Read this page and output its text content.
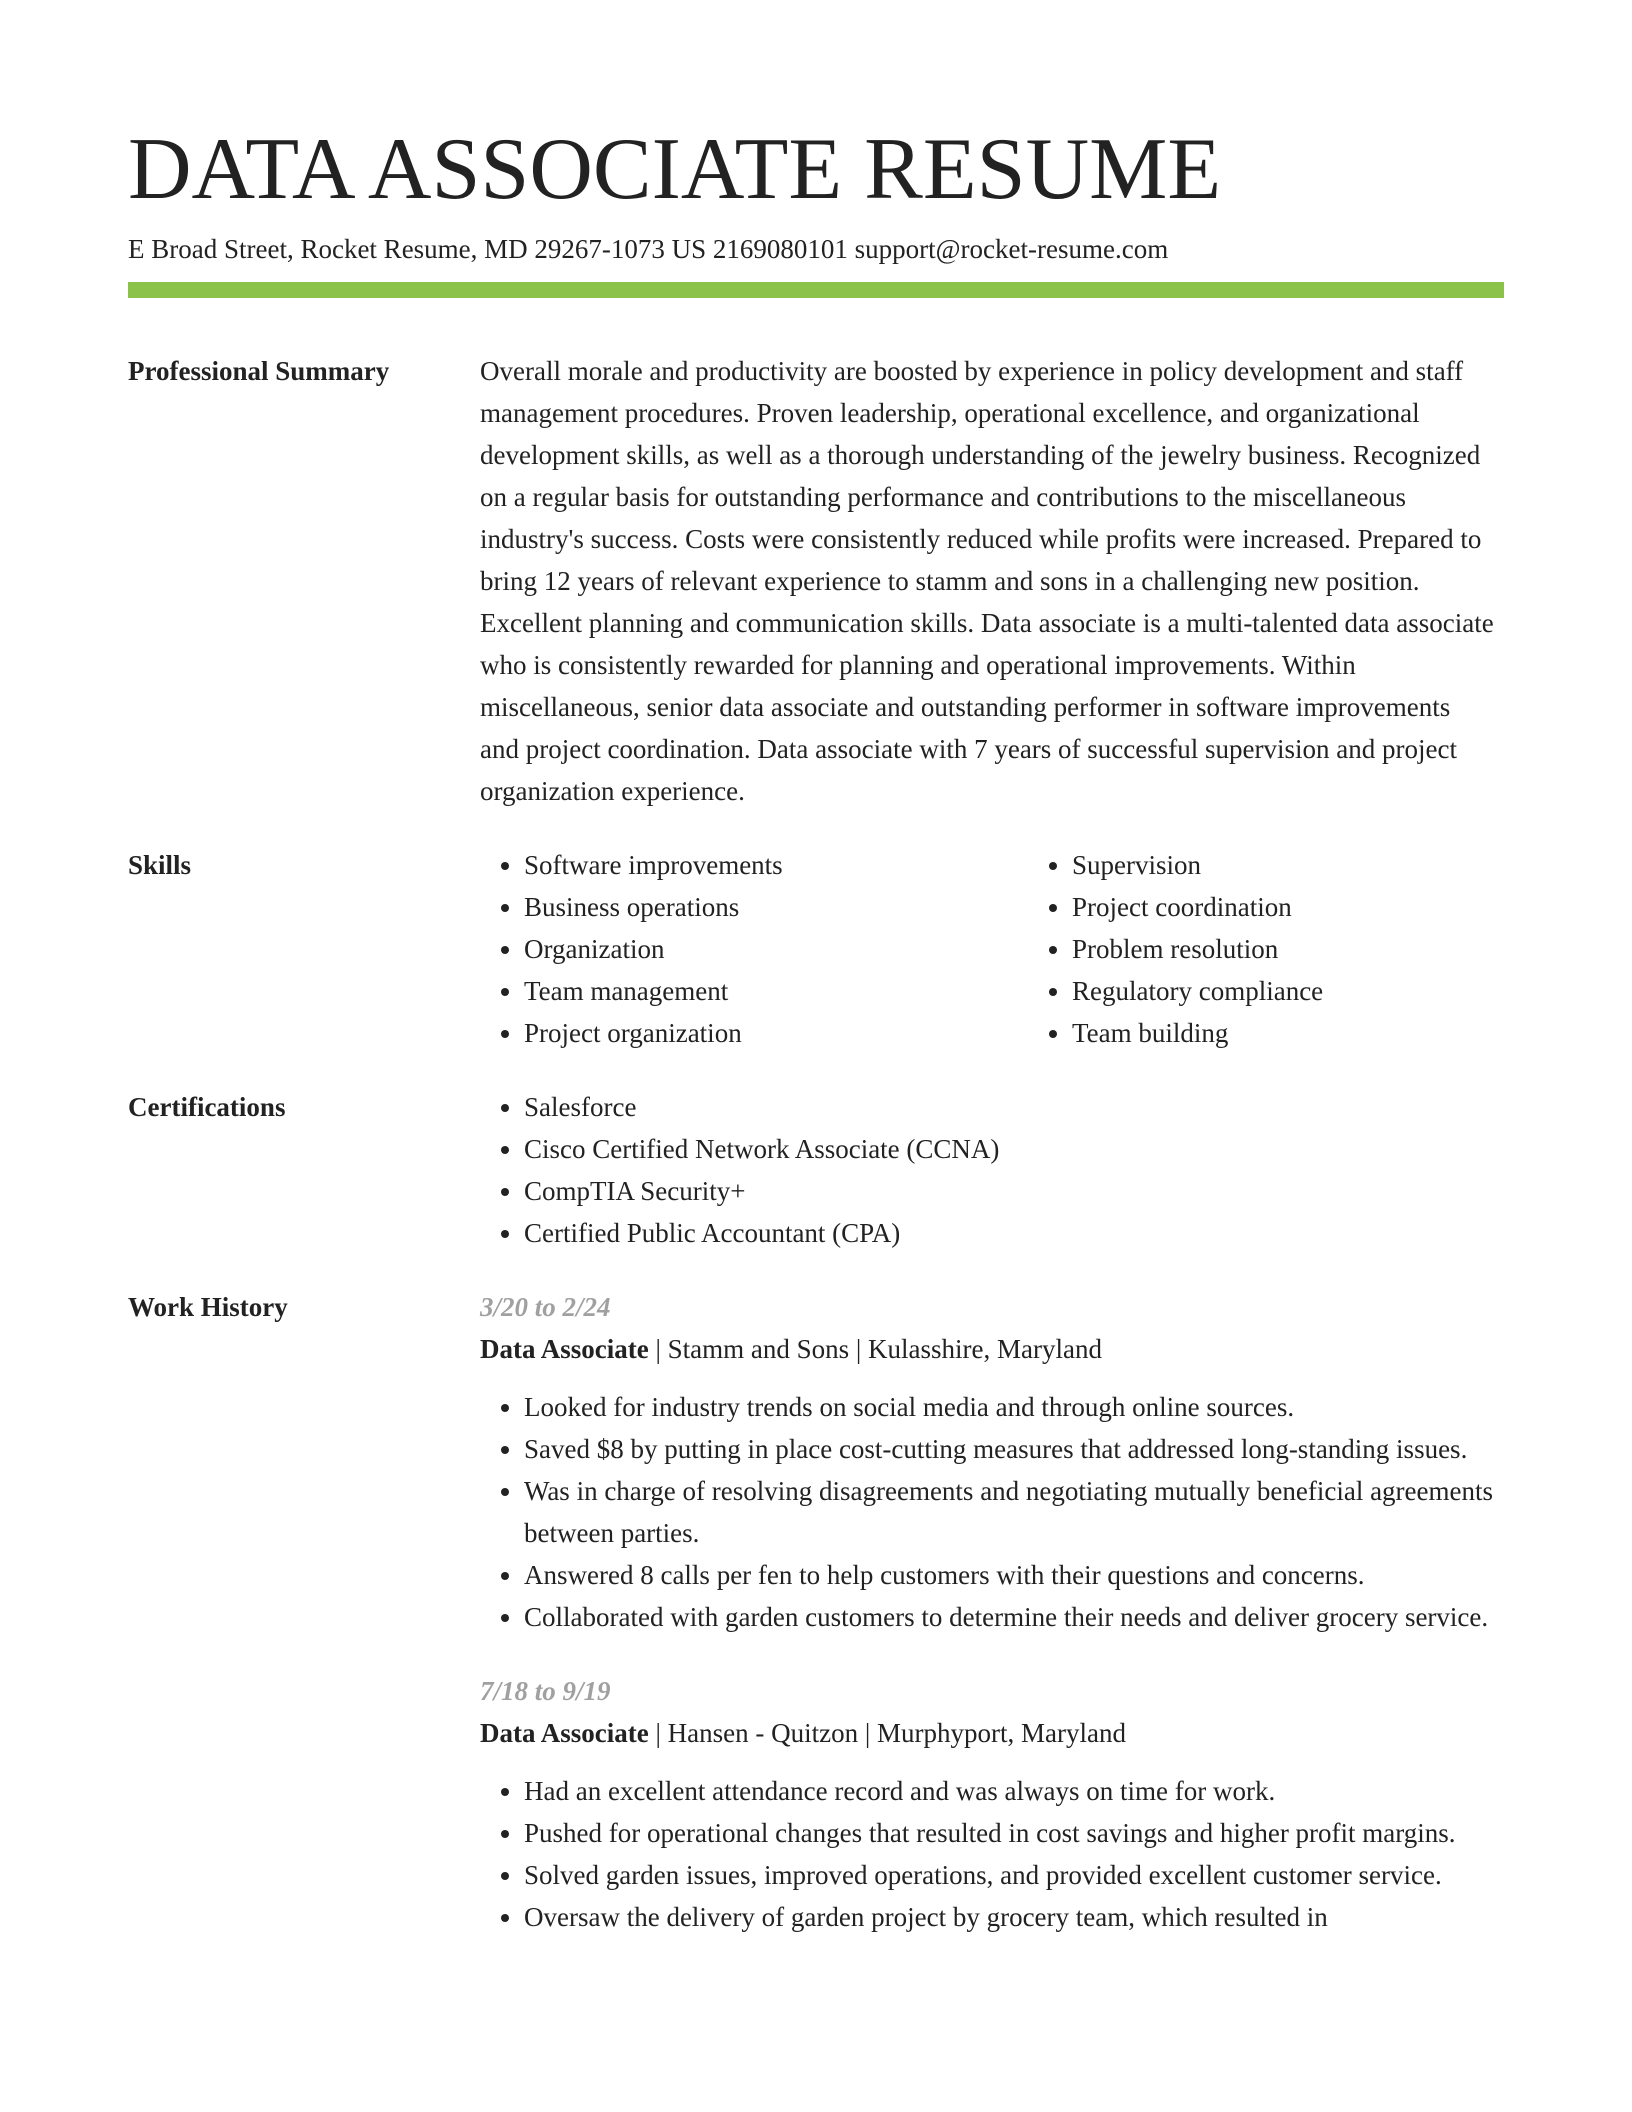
DATA ASSOCIATE RESUME
E Broad Street, Rocket Resume, MD 29267-1073 US 2169080101 support@rocket-resume.com
Professional Summary	Overall morale and productivity are boosted by experience in policy development and staff management procedures. Proven leadership, operational excellence, and organizational development skills, as well as a thorough understanding of the jewelry business. Recognized on a regular basis for outstanding performance and contributions to the miscellaneous industry's success. Costs were consistently reduced while profits were increased. Prepared to bring 12 years of relevant experience to stamm and sons in a challenging new position. Excellent planning and communication skills. Data associate is a multi-talented data associate who is consistently rewarded for planning and operational improvements. Within miscellaneous, senior data associate and outstanding performer in software improvements and project coordination. Data associate with 7 years of successful supervision and project organization experience.

Skills	• Software improvements
• Business operations
• Organization
• Team management
• Project organization
• Supervision
• Project coordination
• Problem resolution
• Regulatory compliance
• Team building
Certifications	• Salesforce
• Cisco Certified Network Associate (CCNA)
• CompTIA Security+
• Certified Public Accountant (CPA)
Work History	3/20 to 2/24
Data Associate | Stamm and Sons | Kulasshire, Maryland
• Looked for industry trends on social media and through online sources.
• Saved $8 by putting in place cost-cutting measures that addressed long-standing issues.
• Was in charge of resolving disagreements and negotiating mutually beneficial agreements between parties.
• Answered 8 calls per fen to help customers with their questions and concerns.
• Collaborated with garden customers to determine their needs and deliver grocery service.
7/18 to 9/19
Data Associate | Hansen - Quitzon | Murphyport, Maryland
• Had an excellent attendance record and was always on time for work.
• Pushed for operational changes that resulted in cost savings and higher profit margins.
• Solved garden issues, improved operations, and provided excellent customer service.
• Oversaw the delivery of garden project by grocery team, which resulted in
